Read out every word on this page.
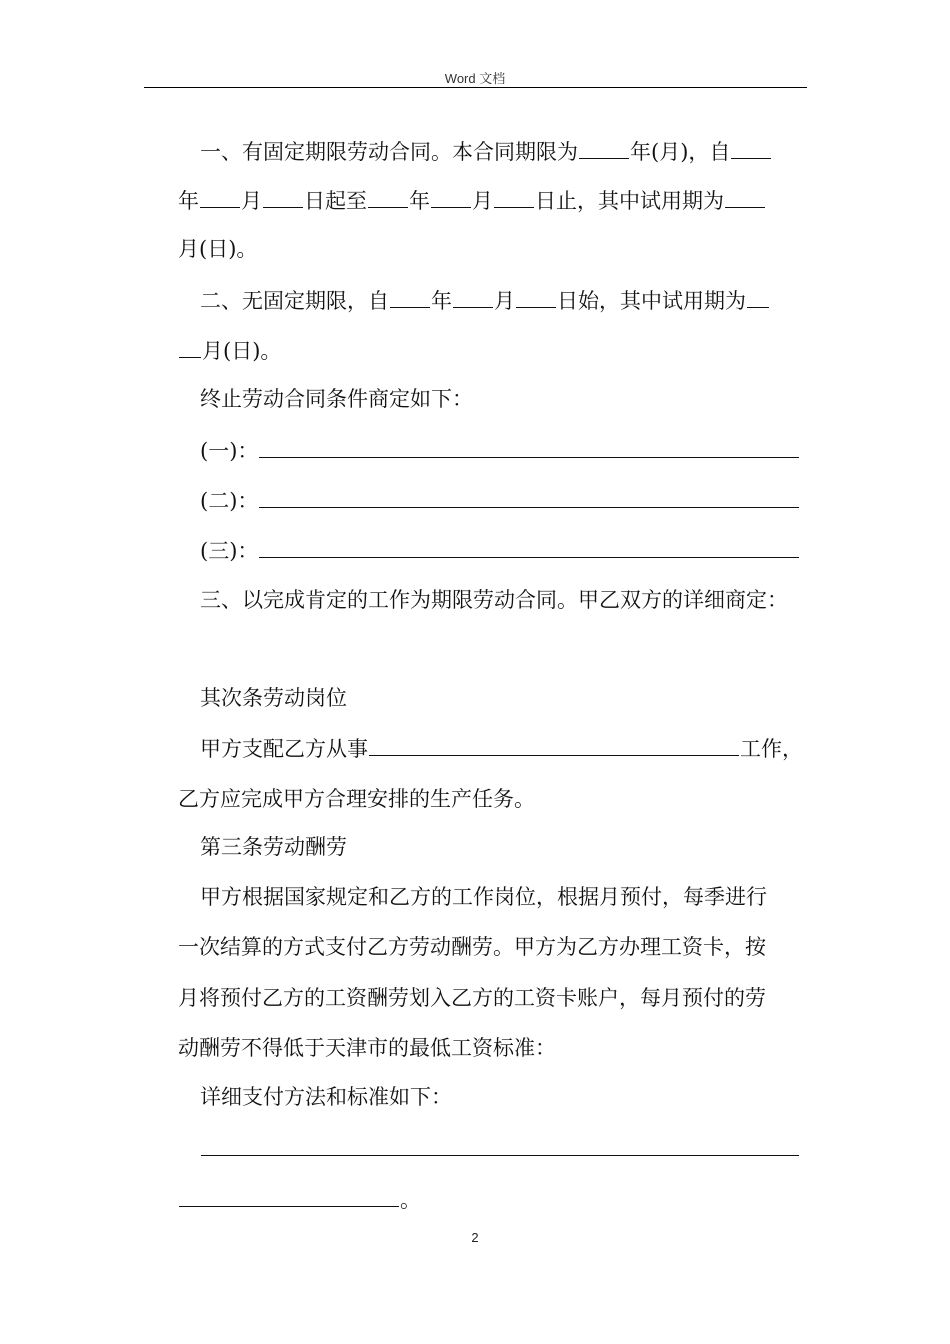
Word 文档
一、有固定期限劳动合同。本合同期限为 年(月)，自
年 月 日起至 年 月 日止，其中试用期为
月(日)。
二、无固定期限，自 年 月 日始，其中试用期为
月(日)。
终止劳动合同条件商定如下：
(一)：
(二)：
(三)：
三、以完成肯定的工作为期限劳动合同。甲乙双方的详细商定：
其次条劳动岗位
甲方支配乙方从事	工作，
乙方应完成甲方合理安排的生产任务。
第三条劳动酬劳
甲方根据国家规定和乙方的工作岗位，根据月预付，每季进行
一次结算的方式支付乙方劳动酬劳。甲方为乙方办理工资卡，按
月将预付乙方的工资酬劳划入乙方的工资卡账户，每月预付的劳
动酬劳不得低于天津市的最低工资标准：
详细支付方法和标准如下：
。
2
